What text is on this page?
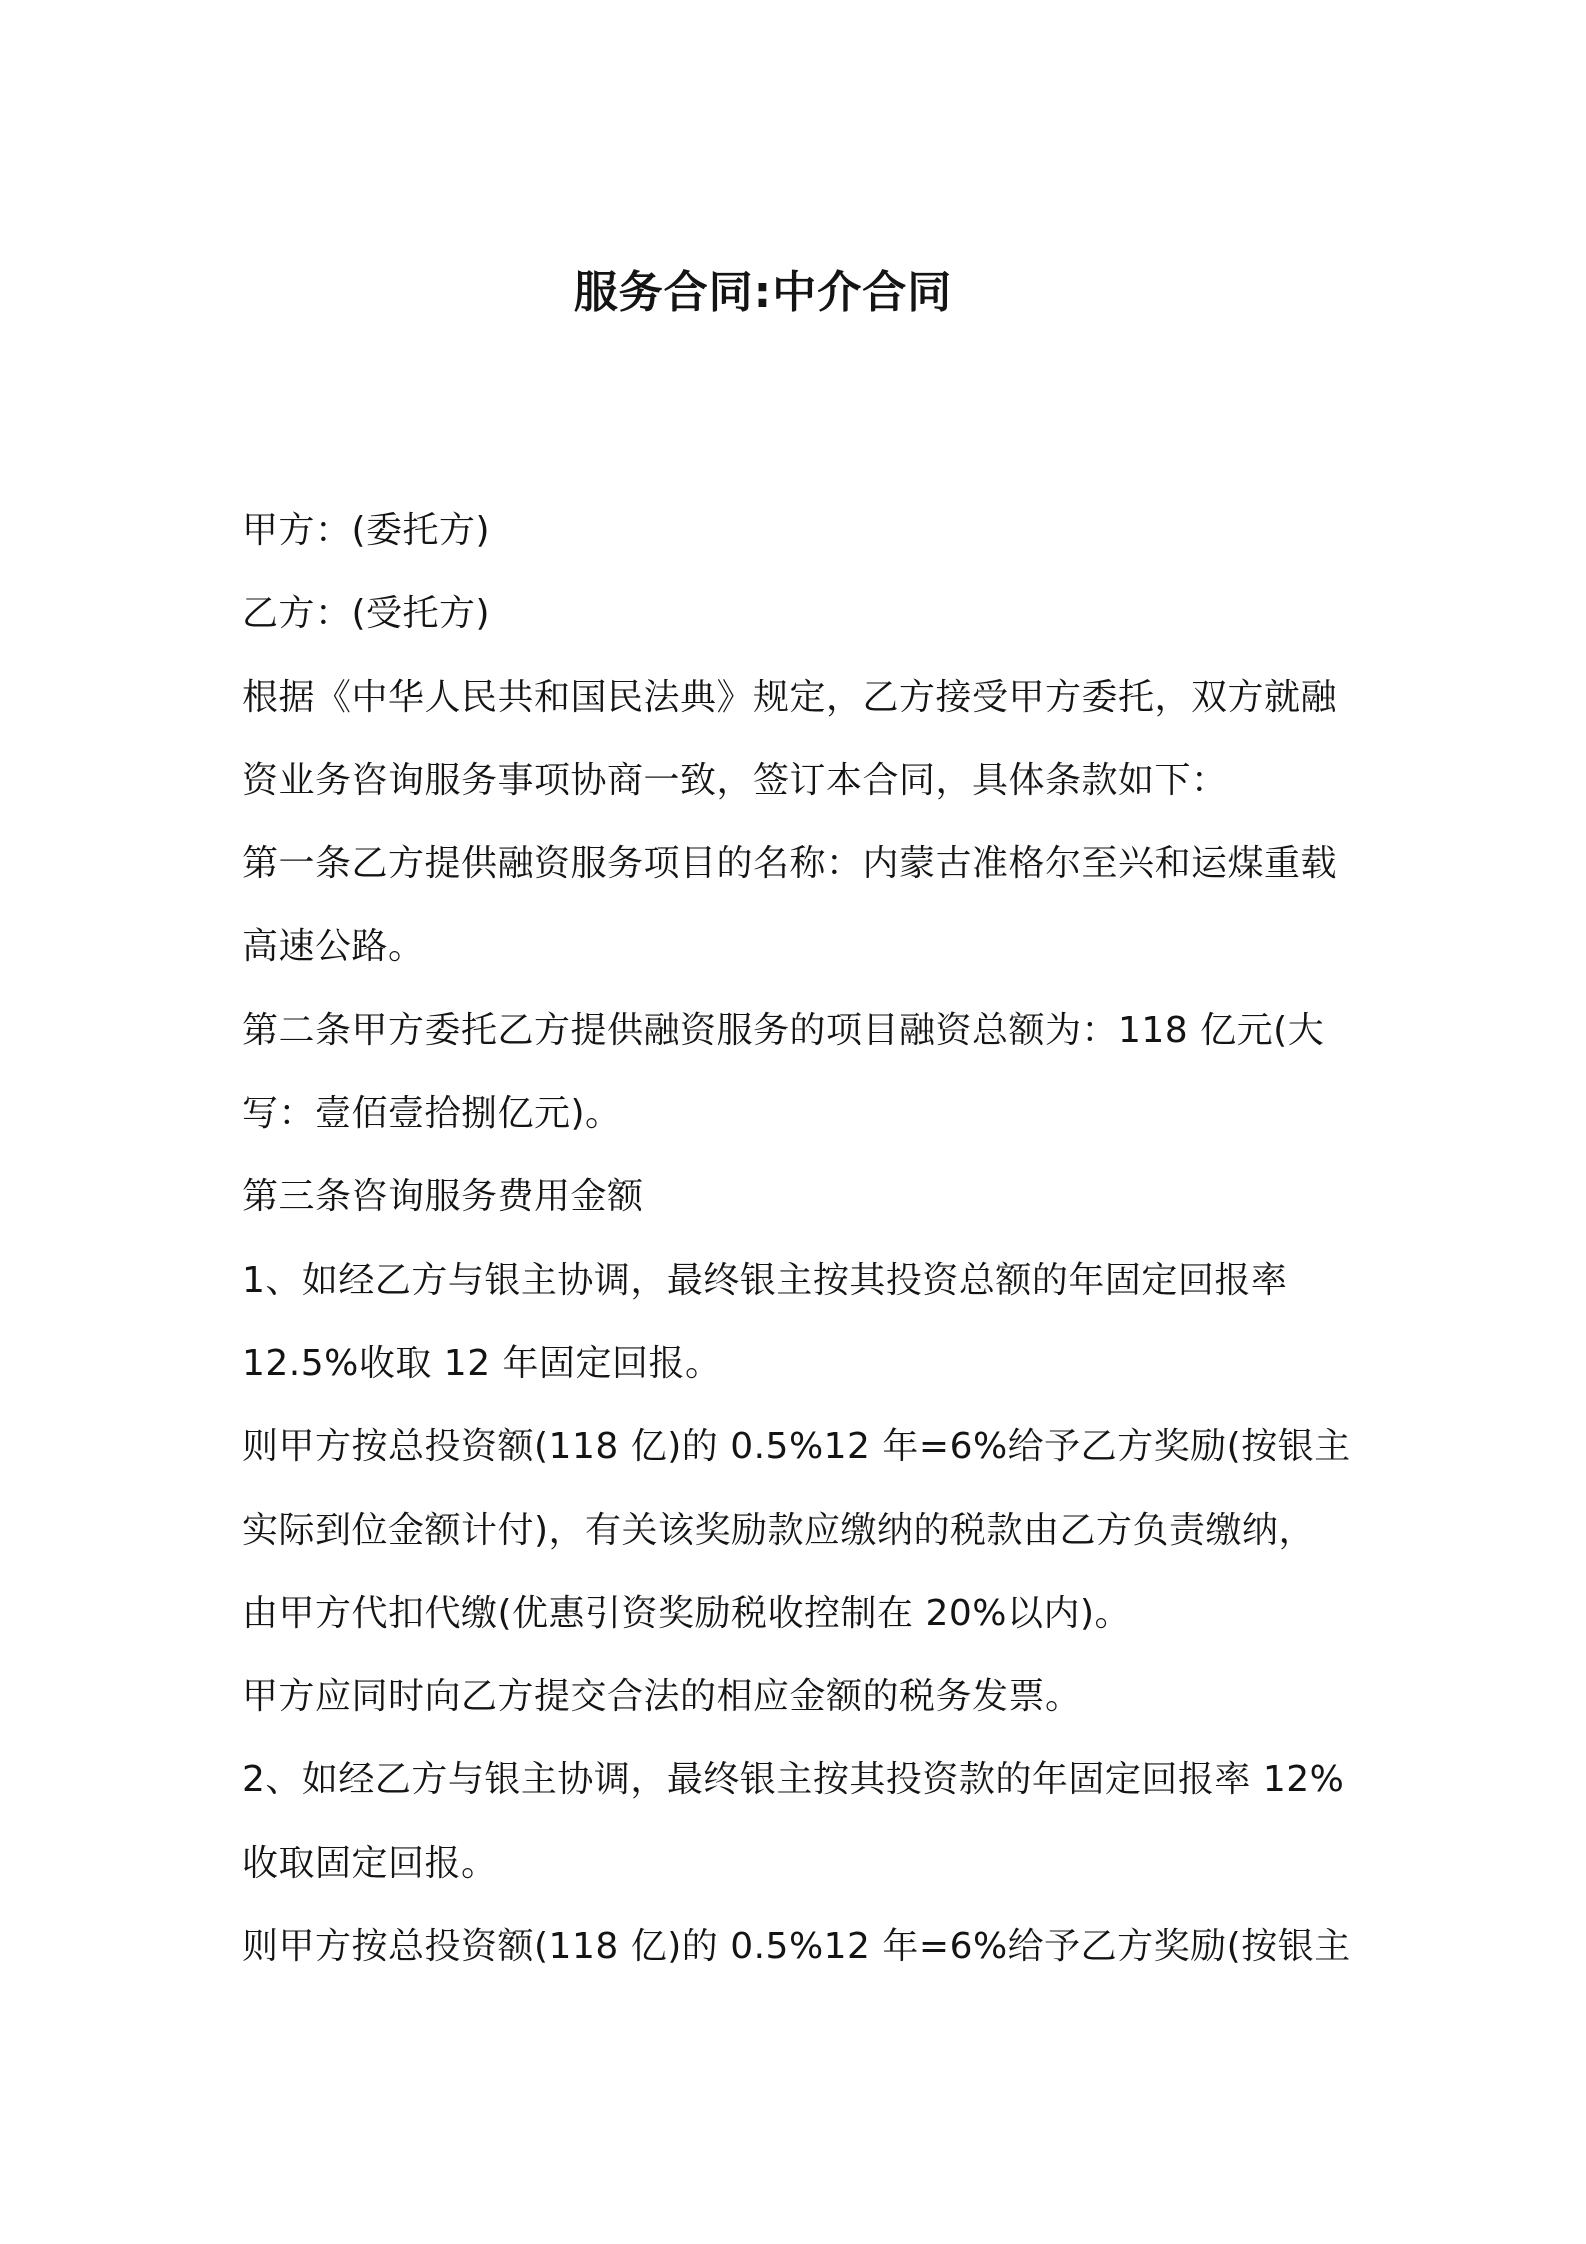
服务合同:中介合同
甲方：(委托方)
乙方：(受托方)
根据《中华人民共和国民法典》规定，乙方接受甲方委托，双方就融
资业务咨询服务事项协商一致，签订本合同，具体条款如下：
第一条乙方提供融资服务项目的名称：内蒙古准格尔至兴和运煤重载
高速公路。
第二条甲方委托乙方提供融资服务的项目融资总额为：118 亿元(大
写：壹佰壹拾捌亿元)。
第三条咨询服务费用金额
1、如经乙方与银主协调，最终银主按其投资总额的年固定回报率
12.5%收取 12 年固定回报。
则甲方按总投资额(118 亿)的 0.5%12 年=6%给予乙方奖励(按银主
实际到位金额计付)，有关该奖励款应缴纳的税款由乙方负责缴纳，
由甲方代扣代缴(优惠引资奖励税收控制在 20%以内)。
甲方应同时向乙方提交合法的相应金额的税务发票。
2、如经乙方与银主协调，最终银主按其投资款的年固定回报率 12%
收取固定回报。
则甲方按总投资额(118 亿)的 0.5%12 年=6%给予乙方奖励(按银主
